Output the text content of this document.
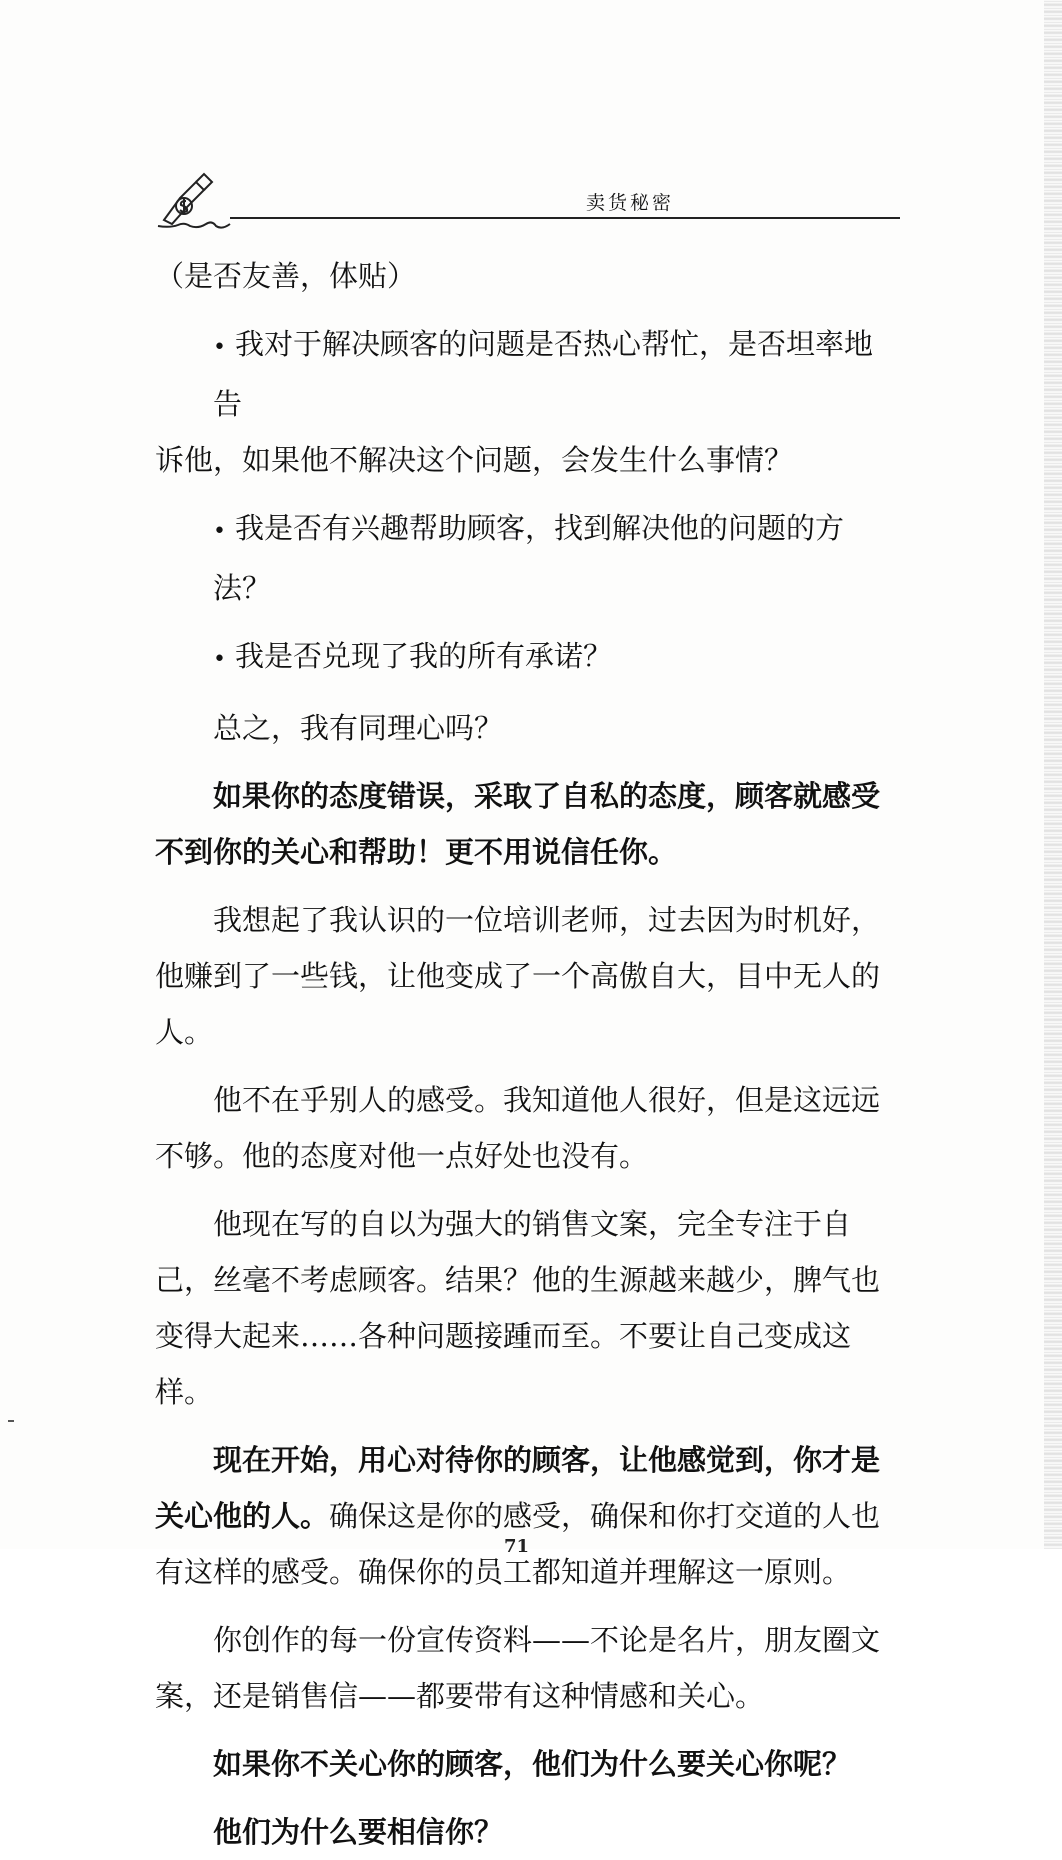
卖货秘密

（是否友善，体贴）

• 我对于解决顾客的问题是否热心帮忙，是否坦率地告

诉他，如果他不解决这个问题，会发生什么事情？

• 我是否有兴趣帮助顾客，找到解决他的问题的方法？
• 我是否兑现了我的所有承诺？

总之，我有同理心吗？

如果你的态度错误，采取了自私的态度，顾客就感受不到你的关心和帮助！更不用说信任你。

我想起了我认识的一位培训老师，过去因为时机好，他赚到了一些钱，让他变成了一个高傲自大，目中无人的人。

他不在乎别人的感受。我知道他人很好，但是这远远不够。他的态度对他一点好处也没有。

他现在写的自以为强大的销售文案，完全专注于自己，丝毫不考虑顾客。结果？他的生源越来越少，脾气也变得大起来……各种问题接踵而至。不要让自己变成这样。

现在开始，用心对待你的顾客，让他感觉到，你才是关心他的人。确保这是你的感受，确保和你打交道的人也有这样的感受。确保你的员工都知道并理解这一原则。

你创作的每一份宣传资料——不论是名片，朋友圈文案，还是销售信——都要带有这种情感和关心。

如果你不关心你的顾客，他们为什么要关心你呢？

他们为什么要相信你？

71
